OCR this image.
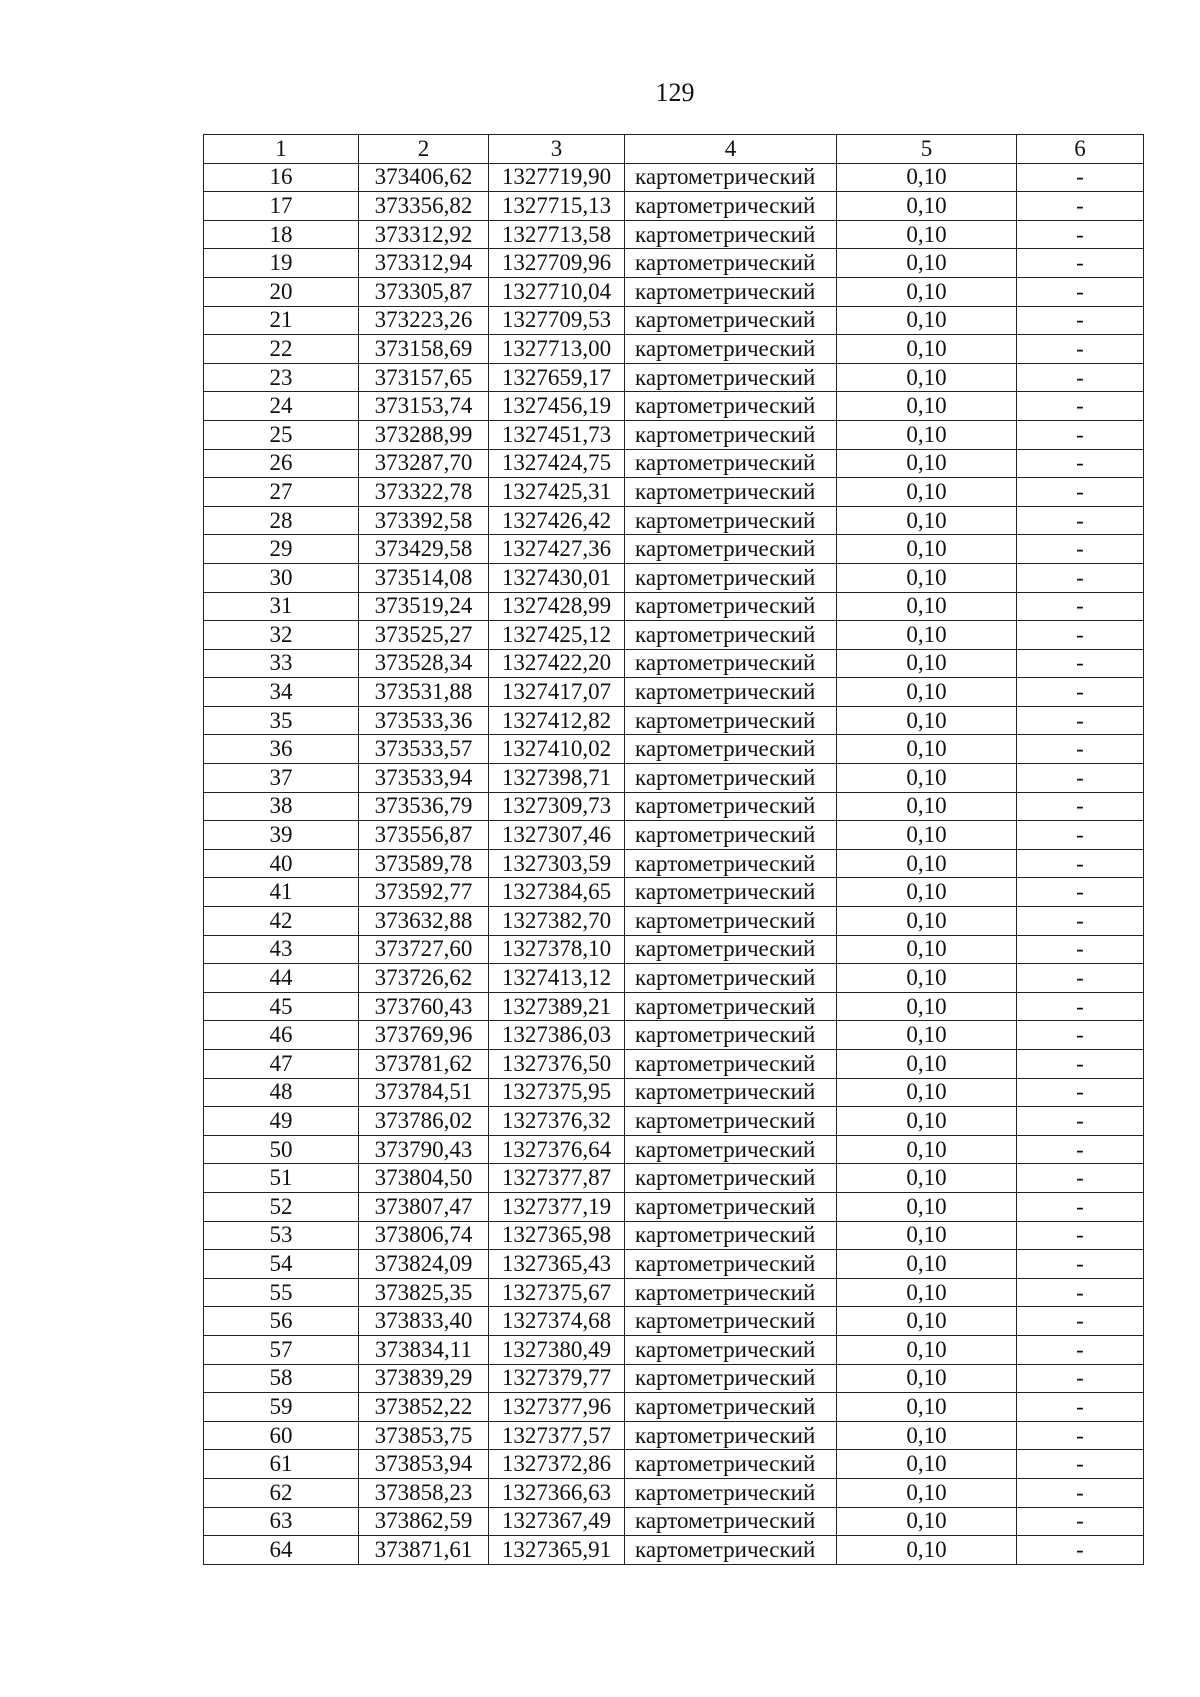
129
1	2	3	4	5	6
16	373406,62	1327719,90	картометрический	0,10	-
17	373356,82	1327715,13	картометрический	0,10	-
18	373312,92	1327713,58	картометрический	0,10	-
19	373312,94	1327709,96	картометрический	0,10	-
20	373305,87	1327710,04	картометрический	0,10	-
21	373223,26	1327709,53	картометрический	0,10	-
22	373158,69	1327713,00	картометрический	0,10	-
23	373157,65	1327659,17	картометрический	0,10	-
24	373153,74	1327456,19	картометрический	0,10	-
25	373288,99	1327451,73	картометрический	0,10	-
26	373287,70	1327424,75	картометрический	0,10	-
27	373322,78	1327425,31	картометрический	0,10	-
28	373392,58	1327426,42	картометрический	0,10	-
29	373429,58	1327427,36	картометрический	0,10	-
30	373514,08	1327430,01	картометрический	0,10	-
31	373519,24	1327428,99	картометрический	0,10	-
32	373525,27	1327425,12	картометрический	0,10	-
33	373528,34	1327422,20	картометрический	0,10	-
34	373531,88	1327417,07	картометрический	0,10	-
35	373533,36	1327412,82	картометрический	0,10	-
36	373533,57	1327410,02	картометрический	0,10	-
37	373533,94	1327398,71	картометрический	0,10	-
38	373536,79	1327309,73	картометрический	0,10	-
39	373556,87	1327307,46	картометрический	0,10	-
40	373589,78	1327303,59	картометрический	0,10	-
41	373592,77	1327384,65	картометрический	0,10	-
42	373632,88	1327382,70	картометрический	0,10	-
43	373727,60	1327378,10	картометрический	0,10	-
44	373726,62	1327413,12	картометрический	0,10	-
45	373760,43	1327389,21	картометрический	0,10	-
46	373769,96	1327386,03	картометрический	0,10	-
47	373781,62	1327376,50	картометрический	0,10	-
48	373784,51	1327375,95	картометрический	0,10	-
49	373786,02	1327376,32	картометрический	0,10	-
50	373790,43	1327376,64	картометрический	0,10	-
51	373804,50	1327377,87	картометрический	0,10	-
52	373807,47	1327377,19	картометрический	0,10	-
53	373806,74	1327365,98	картометрический	0,10	-
54	373824,09	1327365,43	картометрический	0,10	-
55	373825,35	1327375,67	картометрический	0,10	-
56	373833,40	1327374,68	картометрический	0,10	-
57	373834,11	1327380,49	картометрический	0,10	-
58	373839,29	1327379,77	картометрический	0,10	-
59	373852,22	1327377,96	картометрический	0,10	-
60	373853,75	1327377,57	картометрический	0,10	-
61	373853,94	1327372,86	картометрический	0,10	-
62	373858,23	1327366,63	картометрический	0,10	-
63	373862,59	1327367,49	картометрический	0,10	-
64	373871,61	1327365,91	картометрический	0,10	-
